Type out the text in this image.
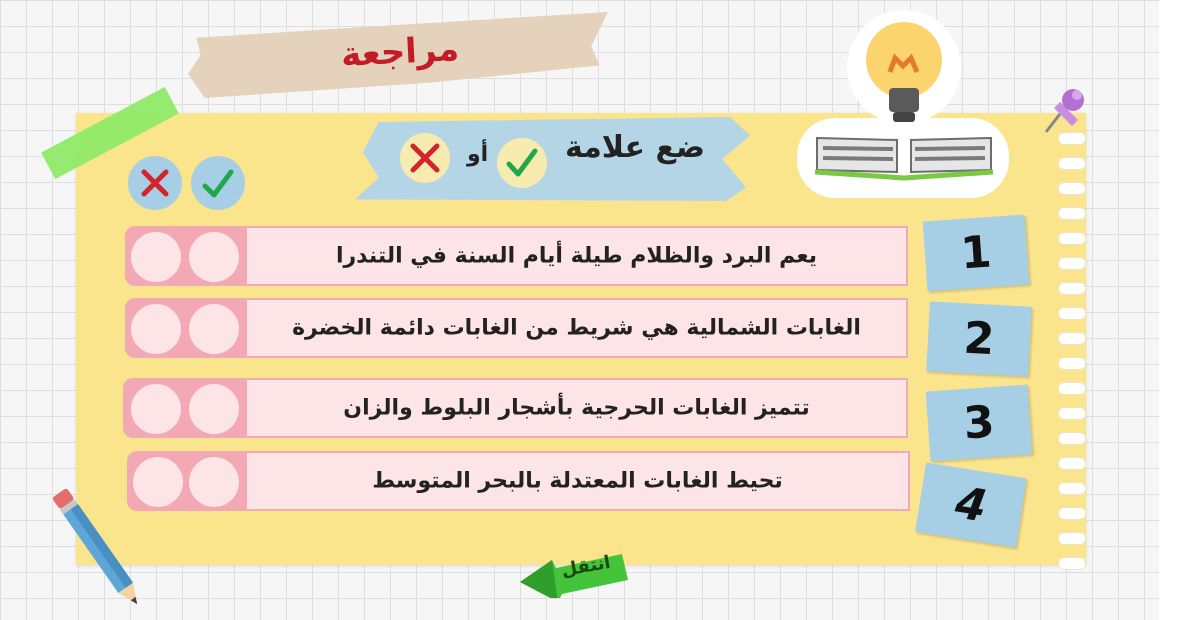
مراجعة
ضع علامة
أو
يعم البرد والظلام طيلة أيام السنة في التندرا
الغابات الشمالية هي شريط من الغابات دائمة الخضرة
تتميز الغابات الحرجية بأشجار البلوط والزان
تحيط الغابات المعتدلة بالبحر المتوسط
1
2
3
4
انتقل
